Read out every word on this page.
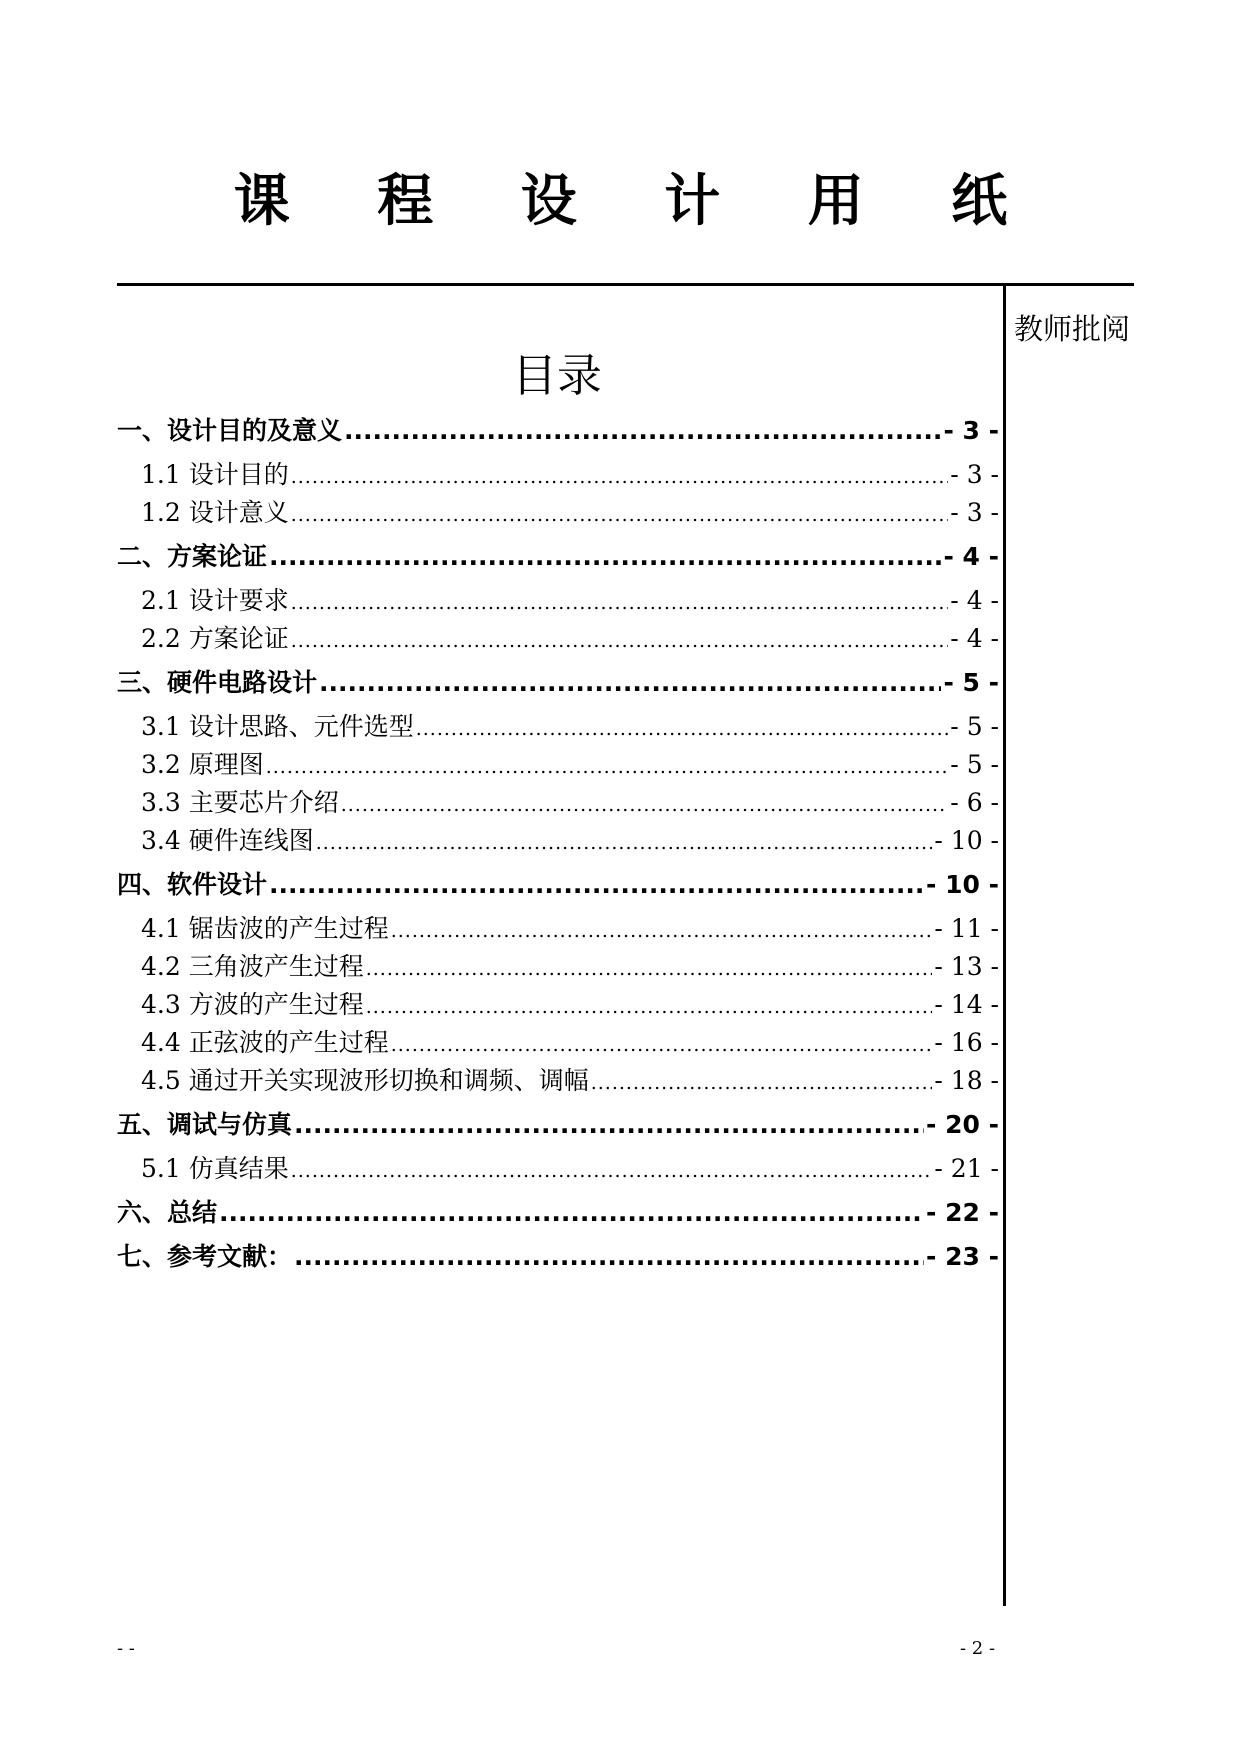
课 程 设 计 用 纸
教师批阅
目录
一、设计目的及意义 .....	- 3 -
1.1 设计目的 .....	- 3 -
1.2 设计意义 .....	- 3 -
二、方案论证 .....	- 4 -
2.1 设计要求 .....	- 4 -
2.2 方案论证 .....	- 4 -
三、硬件电路设计 .....	- 5 -
3.1 设计思路、元件选型 .....	- 5 -
3.2 原理图 .....	- 5 -
3.3 主要芯片介绍 .....	- 6 -
3.4 硬件连线图 .....	- 10 -
四、软件设计 .....	- 10 -
4.1 锯齿波的产生过程 .....	- 11 -
4.2 三角波产生过程 .....	- 13 -
4.3 方波的产生过程 .....	- 14 -
4.4 正弦波的产生过程 .....	- 16 -
4.5 通过开关实现波形切换和调频、调幅 .....	- 18 -
五、调试与仿真 .....	- 20 -
5.1 仿真结果 .....	- 21 -
六、总结 .....	- 22 -
七、参考文献： .....	- 23 -
- -	- 2 -
